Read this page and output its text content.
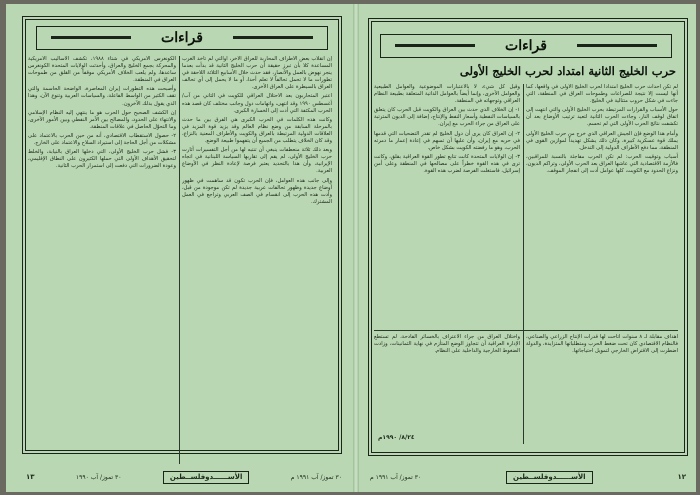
قراءات

إن انقلاب بعض الأطراف المحاربة للعراق الآخر، أوالتي لم تأخذ الغرب المساعدة كلا بأن تبرز حقيقة أن حرب الخليج الثانية قد بدأت بعدما ينجر نهوض بالعمل والأنصار، فقد حدث خلال الأسابيع الثلاثة اللاحقة في تطورات ما لا تحمل تحالفاً لا تعلم أحدا، أو ما لا يحمل إلى أي تحالف العراق بالسيطرة على العراق الأخرى.

اعتبر المتحاربون بعد الاحتلال العراقي للكويت في الثاني من آب/أغسطس ١٩٩٠ وقد انتهى، واتهامات دول وجانب مختلف كان قصد هذه الحرب المكثفة التي أدت إلى الخسارة الكبرى.

وكانت هذه الكلمات في الحرب الكبرى هي الفرق بين ما حدث بالمرحلة السابقة من وضع نظام العالم وقد يزيد قوة المزيد في العلاقات الدولية المرتبطة بالعراق والكويت والأطراف المعنية بالنزاع، وقد كان الخلاف يتطلب من الجميع أن يتفهموا طبيعة الوضع.

وبعد ذلك ثلاثة منعطفات ينبغي أن تنتبه لها من أجل التفسيرات أثارت حرب الخليج الأولى، لم يقم إلى تقاربها السياسة اللبنانية في اتجاه الإيرانية، وأن هذا بالتحديد يعتبر فرصة لإعادة النظر في الأوضاع العربية.

وإلى جانب هذه العوامل، فإن الحرب تكون قد ساهمت في ظهور أوضاع جديدة وظهور تحالفات عربية جديدة لم تكن موجودة من قبل، وأدت هذه الحرب إلى انقسام في الصف العربي وتراجع في العمل المشترك.

الكونغرس الأمريكي في شتاء ١٩٨٨، تكشف الأساليب الأمريكية والمحركة بجمع الخليج والعراق، وأحدثت الولايات المتحدة الكونغرس ساعدها، ولم يلعب الخلاف الأمريكي موقفاً من القلق من طموحات العراق في المنطقة.

وأصبحت هذه التطورات إيران المعاصرة، الواضحة الحاسمة والتي تقف الكثير من الواسط الفاعلة، والسياسات العربية وتنوع الآن، وهذا الذي يقول بذلك الآخرون.

إن الكشف الصحيح حول الحرب هو ما ينتهي إليه النظام الإسلامي والانتهاء على الحدود، والمصالح بين الأمر النفطي وبين الأمور الأخرى، وما التحوّل الحاصل في علاقات المنطقة.

٢- حصول الاستقطاب الاقتصادي، أنه من حين الحرب بالاعتماد على مشكلات من أجل الحاجة إلى استيراد السلاح والاعتماد على الخارج.

٣- فشل حرب الخليج الأولى، التي دخلها العراق بالنيابة، والخلط لتحقيق الأهداف الأولى التي حملها الكثيرون على النطاق الإقليمي، وعودة الضرورات التي دفعت إلى استمرار الحرب الثانية.

١٣	٣٠ تموز/ آب ١٩٩٠	الأســــــدوفلســطين	٣٠ تموز/ آب ١٩٩١ م
قراءات
حرب الخليج الثانية امتداد لحرب الخليج الأولى

لم تكن أحداث حرب الخليج امتداداً لحرب الخليج الأولى في واقعها، كما أنها ليست إلا نتيجة للصراعات وطموحات العراق في المنطقة، التي جاءت في شكل حروب متتالية في الخليج.

حول الأسباب والقرارات المرتبطة بحرب الخليج الأولى والتي انتهت إلى اتفاق لوقف النار، وجاءت الحرب الثانية لتعيد ترتيب الأوضاع بعد أن تكشفت نتائج الحرب الأولى التي لم تحسم.

وأمام هذا الوضع فإن الجيش العراقي الذي خرج من حرب الخليج الأولى يملك قوة عسكرية كبيرة، وكان ذلك يشكل تهديداً لموازين القوى في المنطقة، مما دفع الأطراف الدولية إلى التدخل.

أسباب وتوقيت الحرب: لم تكن الحرب مفاجئة بالنسبة للمراقبين، فالأزمة الاقتصادية التي عاشها العراق بعد الحرب الأولى، وتراكم الديون، ونزاع الحدود مع الكويت، كلها عوامل أدت إلى انفجار الموقف.

وقيل كل شيء، لا بالاعتبارات الموضوعية والعوامل الطبيعية والعوامل الأخرى، وإنما أيضاً بالعوامل الذاتية المتعلقة بطبيعة النظام العراقي وتوجهاته في المنطقة.

١- إن الخلاف الذي حدث بين العراق والكويت قبل الحرب كان يتعلق بالسياسات النفطية وأسعار النفط والإنتاج، إضافة إلى الديون المترتبة على العراق من جراء الحرب مع إيران.

٢- إن العراق كان يرى أن دول الخليج لم تقدر التضحيات التي قدمها في حربه مع إيران، وأن عليها أن تسهم في إعادة إعمار ما دمرته الحرب، وهو ما رفضته الكويت بشكل خاص.

٣- إن الولايات المتحدة كانت تتابع تطور القوة العراقية بقلق، وكانت ترى في هذه القوة خطراً على مصالحها في المنطقة وعلى أمن إسرائيل، فاستغلت الفرصة لضرب هذه القوة.

أهداف مقابلة لـ ٨ سنوات أتاحت لها قدرات الإنتاج الزراعي والصناعي، فالنظام الاقتصادي كان تحت ضغط الحرب ومتطلباتها المتزايدة، والدولة اضطرت إلى الاقتراض الخارجي لتمويل احتياجاتها.

واختلال العراق من جراء الاعتراف بالخسائر الفادحة، لم تستطع الإدارة العراقية أن تتجاوز الوضع المتأزم في نهاية الثمانينات، وزادت الضغوط الخارجية والداخلية على النظام.

٨/٢٤/ ١٩٩٠م
٣٠ تموز/ آب ١٩٩١ م	الأســــــدوفلســطين	١٢
